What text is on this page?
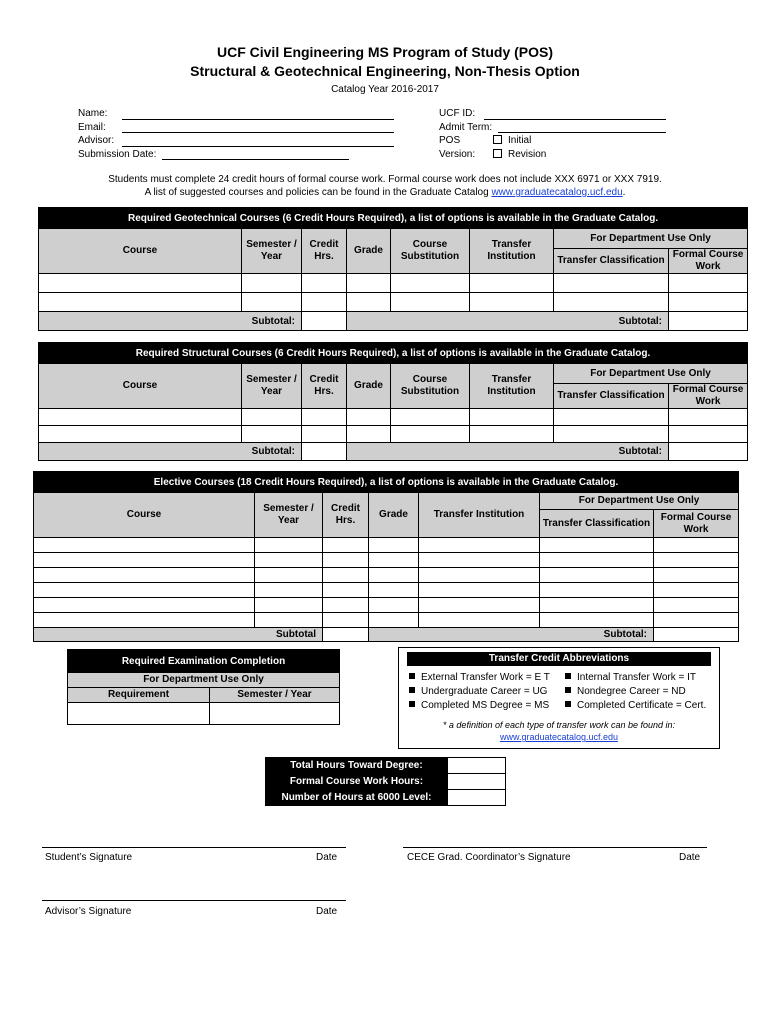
UCF Civil Engineering MS Program of Study (POS)
Structural & Geotechnical Engineering, Non-Thesis Option
Catalog Year 2016-2017
Name:
Email:
Advisor:
Submission Date:
UCF ID:
Admit Term:
POS	Initial
Version:	Revision
Students must complete 24 credit hours of formal course work. Formal course work does not include XXX 6971 or XXX 7919.
A list of suggested courses and policies can be found in the Graduate Catalog www.graduatecatalog.ucf.edu.
Required Geotechnical Courses (6 Credit Hours Required), a list of options is available in the Graduate Catalog.							
Course	Semester / Year	Credit Hrs.	Grade	Course Substitution	Transfer Institution	For Department Use Only	
						Transfer Classification	Formal Course Work

Subtotal:			Subtotal:				
Required Structural Courses (6 Credit Hours Required), a list of options is available in the Graduate Catalog.							
Course	Semester / Year	Credit Hrs.	Grade	Course Substitution	Transfer Institution	For Department Use Only	
						Transfer Classification	Formal Course Work

Subtotal:			Subtotal:				
Elective Courses (18 Credit Hours Required), a list of options is available in the Graduate Catalog.						
Course	Semester / Year	Credit Hrs.	Grade	Transfer Institution	For Department Use Only	
					Transfer Classification	Formal Course Work

Subtotal			Subtotal:			
Required Examination Completion	
For Department Use Only	
Requirement	Semester / Year

Transfer Credit Abbreviations
External Transfer Work = E T	Internal Transfer Work = IT
Undergraduate Career = UG	Nondegree Career = ND
Completed MS Degree = MS	Completed Certificate = Cert.
* a definition of each type of transfer work can be found in:
www.graduatecatalog.ucf.edu
Total Hours Toward Degree:	
Formal Course Work Hours:	
Number of Hours at 6000 Level:	
Student’s Signature	Date	CECE Grad. Coordinator’s Signature	Date
Advisor’s Signature	Date
